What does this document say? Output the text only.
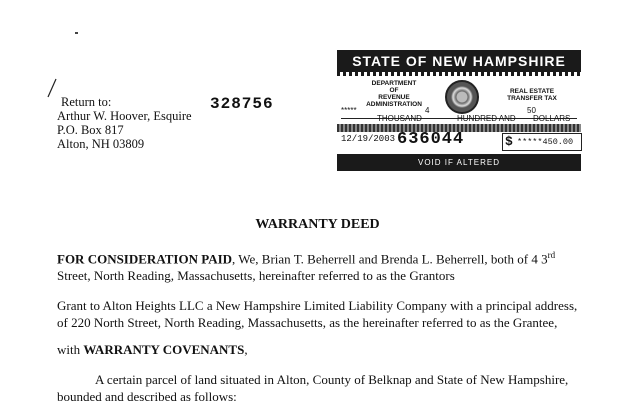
Return to:
Arthur W. Hoover, Esquire
P.O. Box 817
Alton, NH 03809
328756
STATE OF NEW HAMPSHIRE
DEPARTMENT
OF
REVENUE
ADMINISTRATION
REAL ESTATE
TRANSFER TAX
*****	4	50
THOUSAND	HUNDRED AND DOLLARS
12/19/2003 636044	$ *****450.00
VOID IF ALTERED
WARRANTY DEED
FOR CONSIDERATION PAID, We, Brian T. Beherrell and Brenda L. Beherrell, both of 4 3rd
Street, North Reading, Massachusetts, hereinafter referred to as the Grantors
Grant to Alton Heights LLC a New Hampshire Limited Liability Company with a principal address,
of 220 North Street, North Reading, Massachusetts, as the hereinafter referred to as the Grantee,
with WARRANTY COVENANTS,
A certain parcel of land situated in Alton, County of Belknap and State of New Hampshire,
bounded and described as follows:
